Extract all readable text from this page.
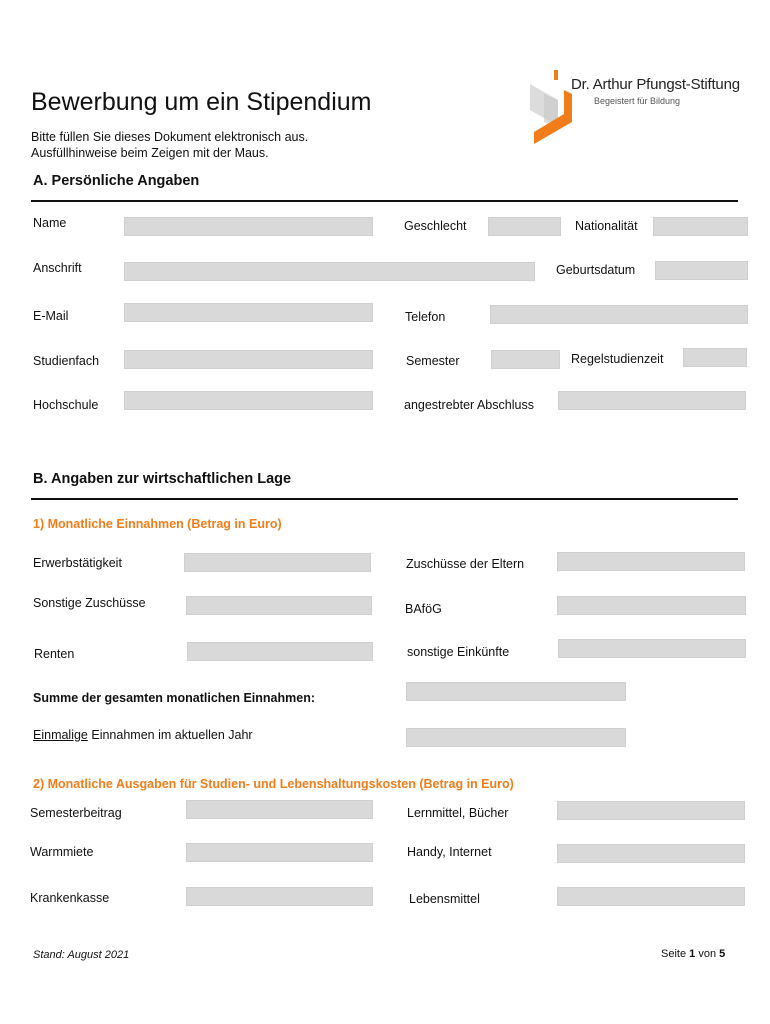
Dr. Arthur Pfungst-Stiftung
Begeistert für Bildung
Bewerbung um ein Stipendium
Bitte füllen Sie dieses Dokument elektronisch aus.
Ausfüllhinweise beim Zeigen mit der Maus.
A. Persönliche Angaben
Name	Geschlecht	Nationalität
Anschrift	Geburtsdatum
E-Mail	Telefon
Studienfach	Semester	Regelstudienzeit
Hochschule	angestrebter Abschluss
B. Angaben zur wirtschaftlichen Lage
1) Monatliche Einnahmen (Betrag in Euro)
Erwerbstätigkeit	Zuschüsse der Eltern
Sonstige Zuschüsse	BAföG
Renten	sonstige Einkünfte
Summe der gesamten monatlichen Einnahmen:
Einmalige Einnahmen im aktuellen Jahr
2) Monatliche Ausgaben für Studien- und Lebenshaltungskosten (Betrag in Euro)
Semesterbeitrag	Lernmittel, Bücher
Warmmiete	Handy, Internet
Krankenkasse	Lebensmittel
Stand: August 2021	Seite 1 von 5
